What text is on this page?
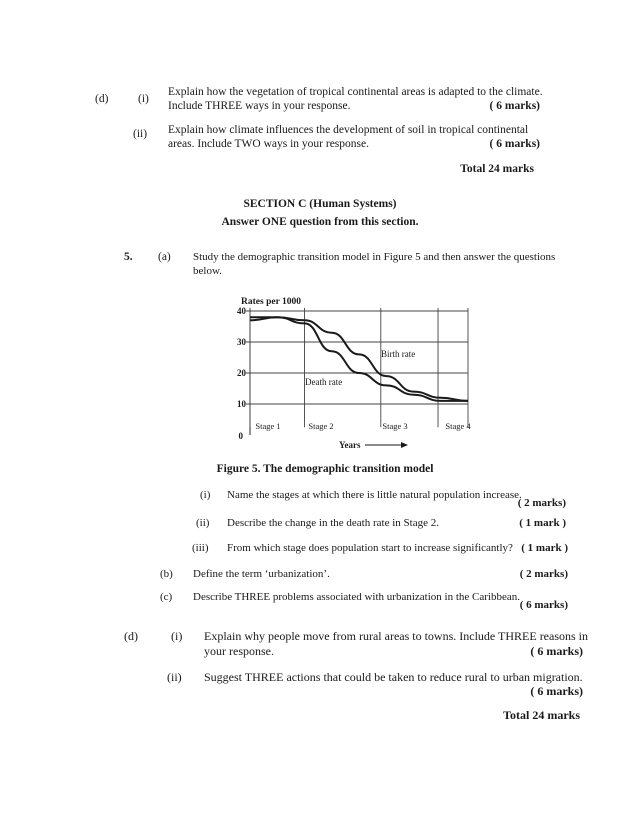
(d)	(i)
Explain how the vegetation of tropical continental areas is adapted to the climate.
Include THREE ways in your response.	( 6 marks)
(ii) Explain how climate influences the development of soil in tropical continental
areas. Include TWO ways in your response.	( 6 marks)
Total 24 marks
SECTION C (Human Systems)
Answer ONE question from this section.
5. (a) Study the demographic transition model in Figure 5 and then answer the questions
below.
Rates per 1000
40
30
20
10
0
Birth rate
Death rate
Stage 1	Stage 2	Stage 3	Stage 4
Years
Figure 5. The demographic transition model
(i) Name the stages at which there is little natural population increase.
( 2 marks)
(ii) Describe the change in the death rate in Stage 2.	( 1 mark )
(iii) From which stage does population start to increase significantly? ( 1 mark )
(b) Define the term ‘urbanization’.	( 2 marks)
(c) Describe THREE problems associated with urbanization in the Caribbean.
( 6 marks)
(d)	(i) Explain why people move from rural areas to towns. Include THREE reasons in
your response.	( 6 marks)
(ii) Suggest THREE actions that could be taken to reduce rural to urban migration.
( 6 marks)
Total 24 marks
